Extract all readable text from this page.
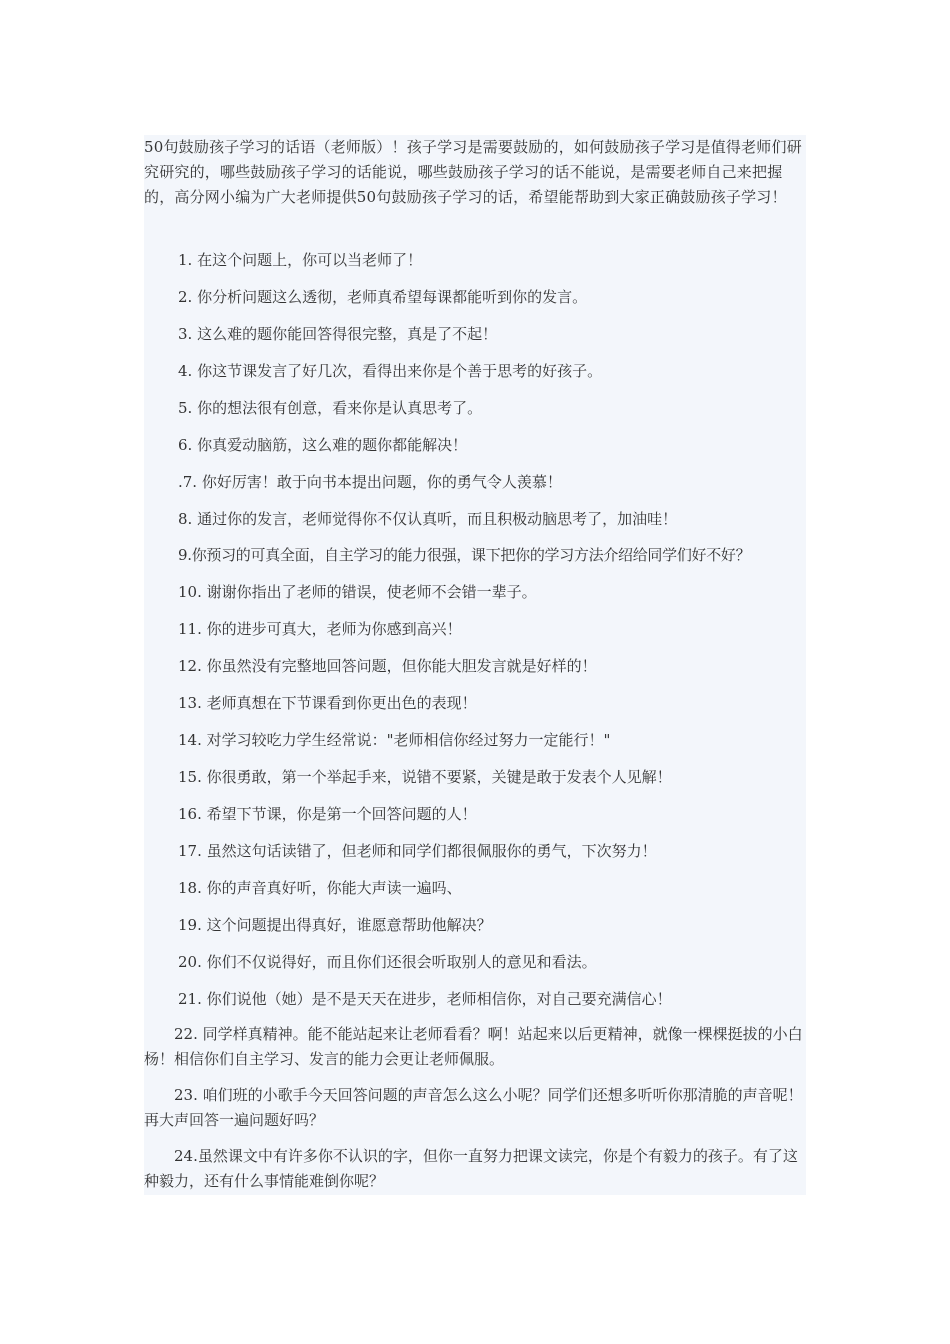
50句鼓励孩子学习的话语（老师版）！孩子学习是需要鼓励的，如何鼓励孩子学习是值得老师们研究研究的，哪些鼓励孩子学习的话能说，哪些鼓励孩子学习的话不能说，是需要老师自己来把握的，高分网小编为广大老师提供50句鼓励孩子学习的话，希望能帮助到大家正确鼓励孩子学习！

1. 在这个问题上，你可以当老师了！

2. 你分析问题这么透彻，老师真希望每课都能听到你的发言。

3. 这么难的题你能回答得很完整，真是了不起！

4. 你这节课发言了好几次，看得出来你是个善于思考的好孩子。

5. 你的想法很有创意，看来你是认真思考了。

6. 你真爱动脑筋，这么难的题你都能解决！

.7. 你好厉害！敢于向书本提出问题，你的勇气令人羡慕！

8. 通过你的发言，老师觉得你不仅认真听，而且积极动脑思考了，加油哇！

9.你预习的可真全面，自主学习的能力很强，课下把你的学习方法介绍给同学们好不好？

10. 谢谢你指出了老师的错误，使老师不会错一辈子。

11. 你的进步可真大，老师为你感到高兴！

12. 你虽然没有完整地回答问题，但你能大胆发言就是好样的！

13. 老师真想在下节课看到你更出色的表现！

14. 对学习较吃力学生经常说："老师相信你经过努力一定能行！"

15. 你很勇敢，第一个举起手来，说错不要紧，关键是敢于发表个人见解！

16. 希望下节课，你是第一个回答问题的人！

17. 虽然这句话读错了，但老师和同学们都很佩服你的勇气，下次努力！

18. 你的声音真好听，你能大声读一遍吗、

19. 这个问题提出得真好，谁愿意帮助他解决？

20. 你们不仅说得好，而且你们还很会听取别人的意见和看法。

21. 你们说他（她）是不是天天在进步，老师相信你，对自己要充满信心！

22. 同学样真精神。能不能站起来让老师看看？啊！站起来以后更精神，就像一棵棵挺拔的小白杨！相信你们自主学习、发言的能力会更让老师佩服。

23. 咱们班的小歌手今天回答问题的声音怎么这么小呢？同学们还想多听听你那清脆的声音呢！再大声回答一遍问题好吗？

24.虽然课文中有许多你不认识的字，但你一直努力把课文读完，你是个有毅力的孩子。有了这种毅力，还有什么事情能难倒你呢？
